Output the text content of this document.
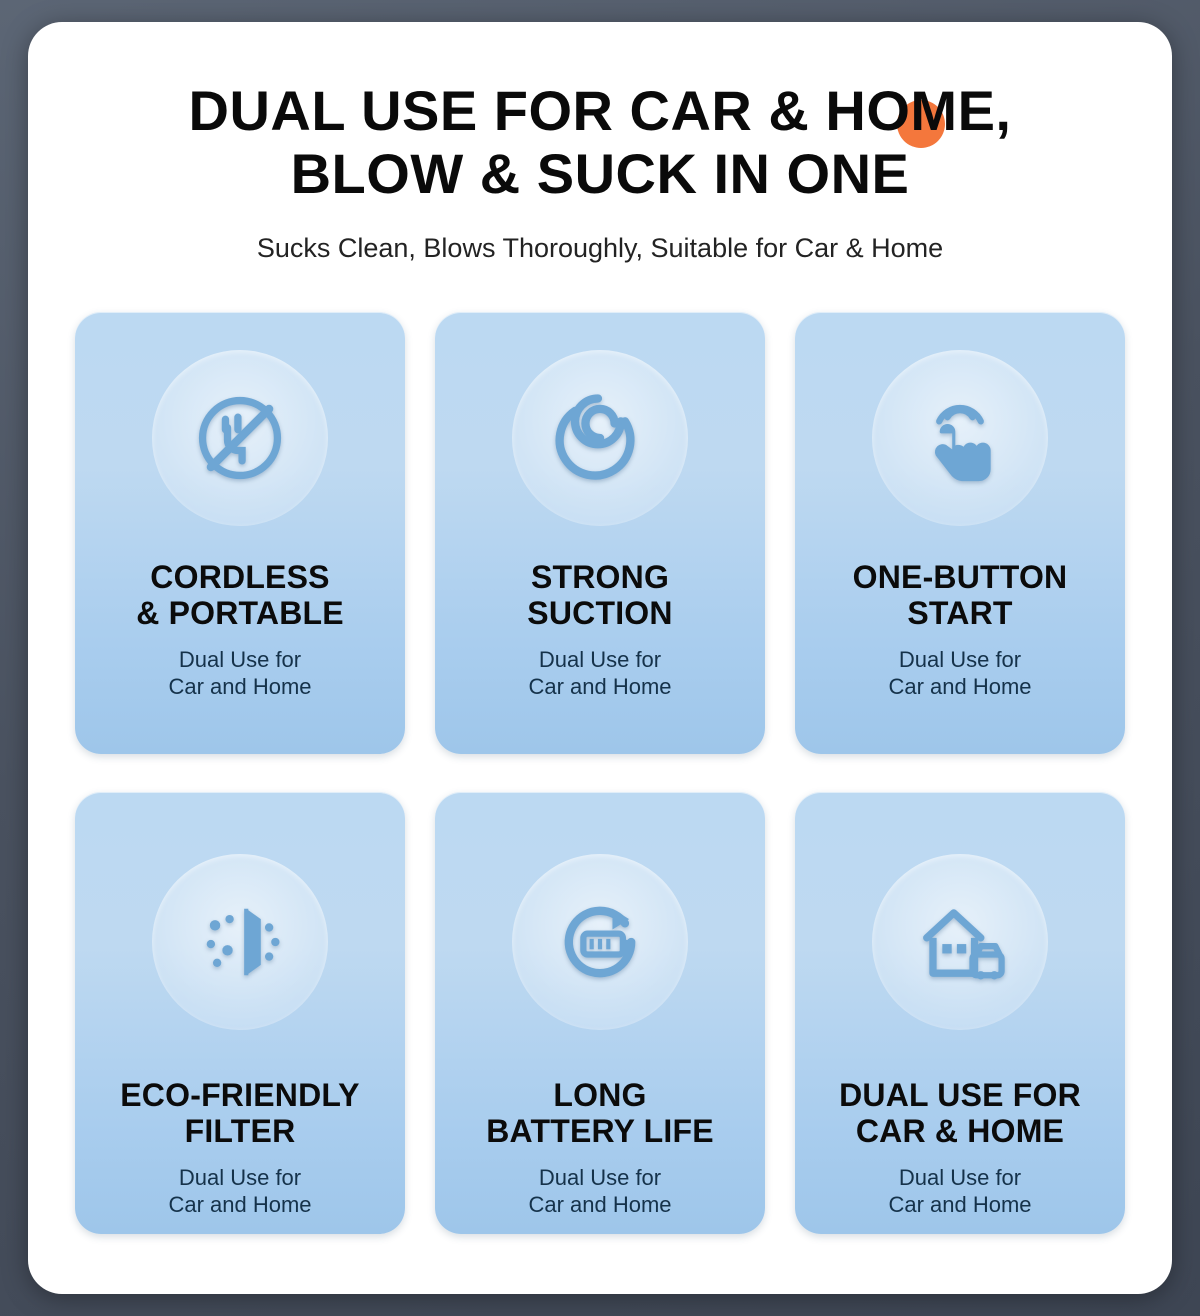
DUAL USE FOR CAR & HOME,
BLOW & SUCK IN ONE
Sucks Clean, Blows Thoroughly, Suitable for Car & Home
CORDLESS
& PORTABLE
Dual Use for
Car and Home
STRONG
SUCTION
Dual Use for
Car and Home
ONE-BUTTON
START
Dual Use for
Car and Home
ECO-FRIENDLY
FILTER
Dual Use for
Car and Home
LONG
BATTERY LIFE
Dual Use for
Car and Home
DUAL USE FOR
CAR & HOME
Dual Use for
Car and Home
